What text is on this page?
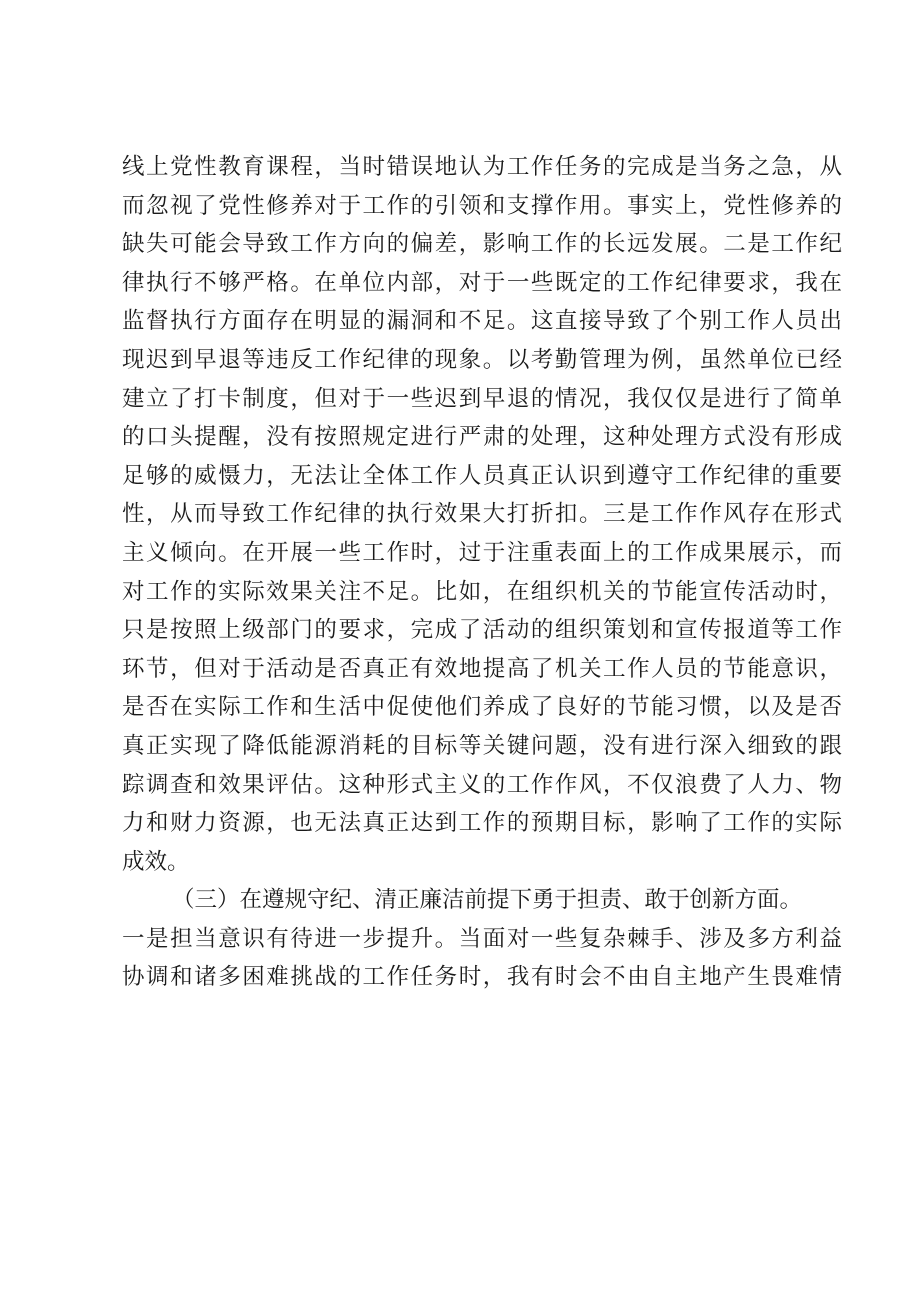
线上党性教育课程，当时错误地认为工作任务的完成是当务之急，从
而忽视了党性修养对于工作的引领和支撑作用。事实上，党性修养的
缺失可能会导致工作方向的偏差，影响工作的长远发展。二是工作纪
律执行不够严格。在单位内部，对于一些既定的工作纪律要求，我在
监督执行方面存在明显的漏洞和不足。这直接导致了个别工作人员出
现迟到早退等违反工作纪律的现象。以考勤管理为例，虽然单位已经
建立了打卡制度，但对于一些迟到早退的情况，我仅仅是进行了简单
的口头提醒，没有按照规定进行严肃的处理，这种处理方式没有形成
足够的威慑力，无法让全体工作人员真正认识到遵守工作纪律的重要
性，从而导致工作纪律的执行效果大打折扣。三是工作作风存在形式
主义倾向。在开展一些工作时，过于注重表面上的工作成果展示，而
对工作的实际效果关注不足。比如，在组织机关的节能宣传活动时，
只是按照上级部门的要求，完成了活动的组织策划和宣传报道等工作
环节，但对于活动是否真正有效地提高了机关工作人员的节能意识，
是否在实际工作和生活中促使他们养成了良好的节能习惯，以及是否
真正实现了降低能源消耗的目标等关键问题，没有进行深入细致的跟
踪调查和效果评估。这种形式主义的工作作风，不仅浪费了人力、物
力和财力资源，也无法真正达到工作的预期目标，影响了工作的实际
成效。
（三）在遵规守纪、清正廉洁前提下勇于担责、敢于创新方面。
一是担当意识有待进一步提升。当面对一些复杂棘手、涉及多方利益
协调和诸多困难挑战的工作任务时，我有时会不由自主地产生畏难情
